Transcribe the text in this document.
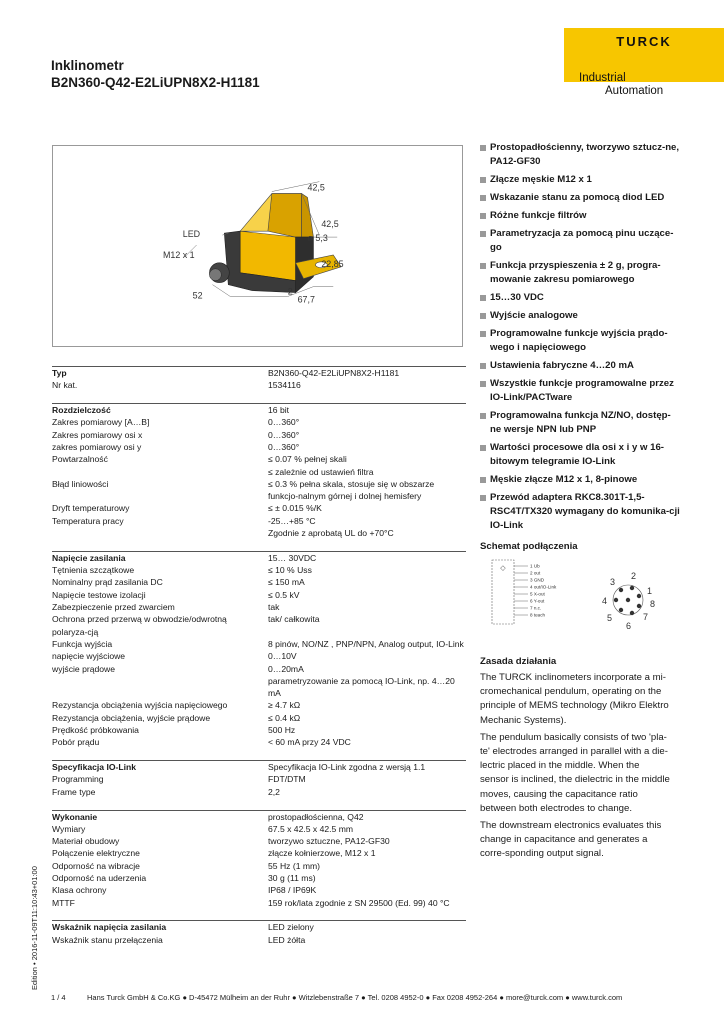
TURCK
Industrial
Automation
Inklinometr
B2N360-Q42-E2LiUPN8X2-H1181
42,5
42,5
ø 5,3
22,85
2
67,7
52
LED
M12 x 1
Prostopadłościenny, tworzywo sztucz-ne, PA12-GF30
Złącze męskie M12 x 1
Wskazanie stanu za pomocą diod LED
Różne funkcje filtrów
Parametryzacja za pomocą pinu uczące-go
Funkcja przyspieszenia ± 2 g, progra-mowanie zakresu pomiarowego
15…30 VDC
Wyjście analogowe
Programowalne funkcje wyjścia prądo-wego i napięciowego
Ustawienia fabryczne 4…20 mA
Wszystkie funkcje programowalne przez IO-Link/PACTware
Programowalna funkcja NZ/NO, dostęp-ne wersje NPN lub PNP
Wartości procesowe dla osi x i y w 16-bitowym telegramie IO-Link
Męskie złącze M12 x 1, 8-pinowe
Przewód adaptera RKC8.301T-1,5-RSC4T/TX320 wymagany do komunika-cji IO-Link
Schemat podłączenia
◇	1 Ub
2 out
3 GND
4 out/IO-Link
5 X-out
6 Y-out
7 n.c.
8 teach
1
2
3
4
5
6
7
8
Zasada działania

The TURCK inclinometers incorporate a mi-cromechanical pendulum, operating on the principle of MEMS technology (Mikro Elektro Mechanic Systems).

The pendulum basically consists of two 'pla-te' electrodes arranged in parallel with a die-lectric placed in the middle. When the sensor is inclined, the dielectric in the middle moves, causing the capacitance ratio between both electrodes to change.

The downstream electronics evaluates this change in capacitance and generates a corre-sponding output signal.

Typ	B2N360-Q42-E2LiUPN8X2-H1181
Nr kat.	1534116

Rozdzielczość	16 bit
Zakres pomiarowy [A…B]	0…360°
Zakres pomiarowy osi x	0…360°
zakres pomiarowy osi y	0…360°
Powtarzalność	≤ 0.07 % pełnej skali
	≤ zależnie od ustawień filtra
Błąd liniowości	≤ 0.3 % pełna skala, stosuje się w obszarze funkcjo-nalnym górnej i dolnej hemisfery
Dryft temperaturowy	≤ ± 0.015 %/K
Temperatura pracy	-25…+85 °C
	Zgodnie z aprobatą UL do +70°C

Napięcie zasilania	15… 30VDC
Tętnienia szczątkowe	≤ 10 % Uss
Nominalny prąd zasilania DC	≤ 150 mA
Napięcie testowe izolacji	≤ 0.5 kV
Zabezpieczenie przed zwarciem	tak
Ochrona przed przerwą w obwodzie/odwrotną polaryza-cją	tak/ całkowita
Funkcja wyjścia	8 pinów, NO/NZ , PNP/NPN, Analog output, IO-Link
napięcie wyjściowe	0…10V
wyjście prądowe	0…20mA
	parametryzowanie za pomocą IO-Link, np. 4…20 mA
Rezystancja obciążenia wyjścia napięciowego	≥ 4.7 kΩ
Rezystancja obciążenia, wyjście prądowe	≤ 0.4 kΩ
Prędkość próbkowania	500 Hz
Pobór prądu	< 60 mA przy 24 VDC

Specyfikacja IO-Link	Specyfikacja IO-Link zgodna z wersją 1.1
Programming	FDT/DTM
Frame type	2,2

Wykonanie	prostopadłościenna, Q42
Wymiary	67.5 x 42.5 x 42.5 mm
Materiał obudowy	tworzywo sztuczne, PA12-GF30
Połączenie elektryczne	złącze kołnierzowe, M12 x 1
Odporność na wibracje	55 Hz (1 mm)
Odporność na uderzenia	30 g (11 ms)
Klasa ochrony	IP68 / IP69K
MTTF	159 rok/lata zgodnie z SN 29500 (Ed. 99) 40 °C

Wskaźnik napięcia zasilania	LED zielony
Wskaźnik stanu przełączenia	LED żółta
Edition • 2016-11-09T11:10:43+01:00
1 / 4	Hans Turck GmbH & Co.KG ● D-45472 Mülheim an der Ruhr ● Witzlebenstraße 7 ● Tel. 0208 4952-0 ● Fax 0208 4952-264 ● more@turck.com ● www.turck.com
